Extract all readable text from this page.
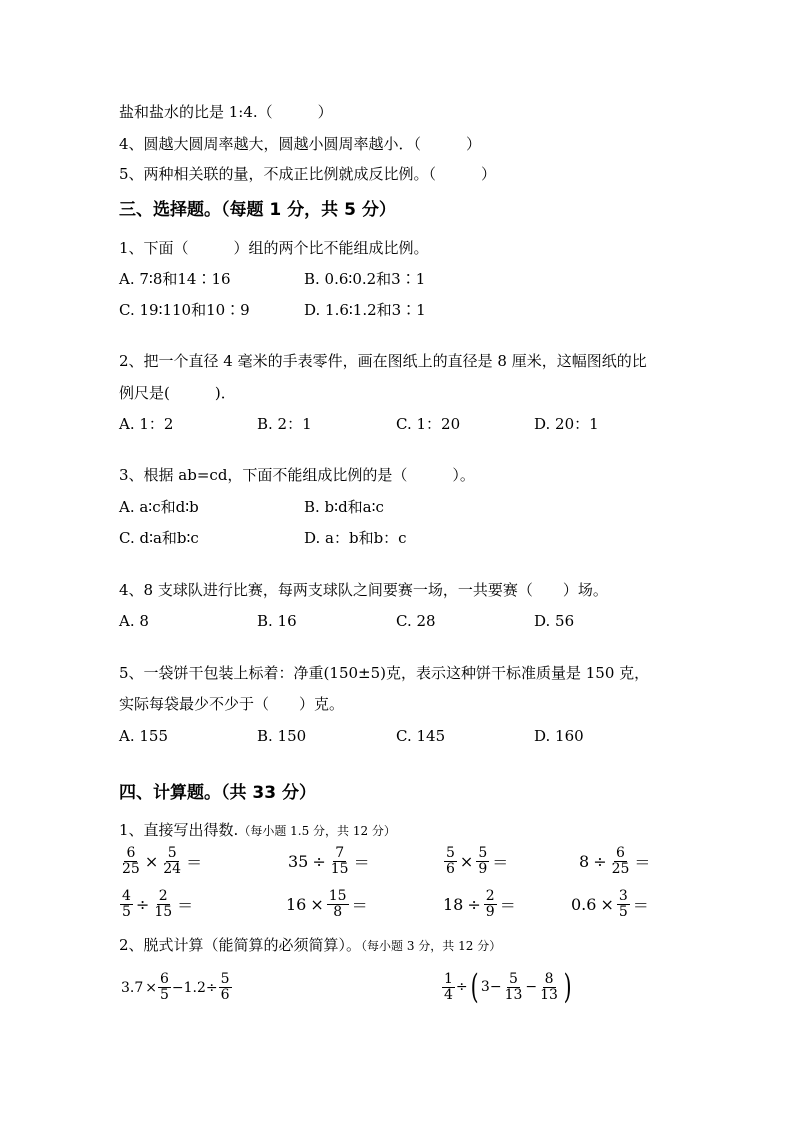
盐和盐水的比是 1:4.（　　　）
4、圆越大圆周率越大，圆越小圆周率越小．（　　　）
5、两种相关联的量，不成正比例就成反比例。（　　　）
三、选择题。（每题 1 分，共 5 分）
1、下面（　　　）组的两个比不能组成比例。
A. 7∶8和14∶16	B. 0.6∶0.2和3∶1
C. 19∶110和10∶9	D. 1.6∶1.2和3∶1
2、把一个直径 4 毫米的手表零件，画在图纸上的直径是 8 厘米，这幅图纸的比
例尺是(　　　)．
A. 1：2	B. 2：1	C. 1：20	D. 20：1
3、根据 ab=cd，下面不能组成比例的是（　　　）。
A. a∶c和d∶b	B. b∶d和a∶c
C. d∶a和b∶c	D. a：b和b：c
4、8 支球队进行比赛，每两支球队之间要赛一场，一共要赛（　　）场。
A. 8	B. 16	C. 28	D. 56
5、一袋饼干包装上标着：净重(150±5)克，表示这种饼干标准质量是 150 克，
实际每袋最少不少于（　　）克。
A. 155	B. 150	C. 145	D. 160
四、计算题。（共 33 分）
1、直接写出得数.（每小题 1.5 分，共 12 分）
$\frac{6}{25} \times \frac{5}{24}$ ＝	$35 \div \frac{7}{15}$ ＝	$\frac{5}{6} \times \frac{5}{9}$ ＝	$8 \div \frac{6}{25}$ ＝
$\frac{4}{5} \div \frac{2}{15}$ ＝	$16 \times \frac{15}{8}$ ＝	$18 \div \frac{2}{9}$ ＝	$0.6 \times \frac{3}{5}$ ＝
2、脱式计算（能简算的必须简算）。（每小题 3 分，共 12 分）
$3.7 \times \frac{6}{5} -1.2\div \frac{5}{6}$	$\frac{1}{4}$ ÷ ( $3 - \frac{5}{13} - \frac{8}{13}$ )
